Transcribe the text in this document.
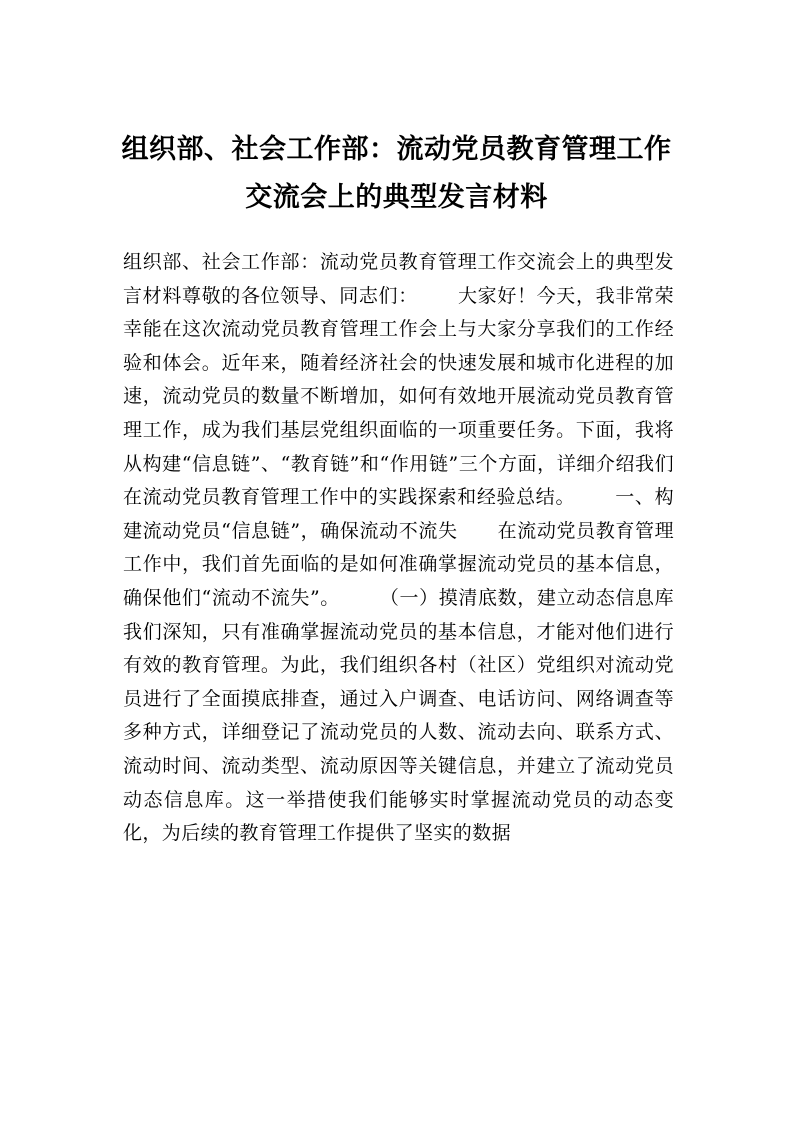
组织部、社会工作部：流动党员教育管理工作交流会上的典型发言材料

组织部、社会工作部：流动党员教育管理工作交流会上的典型发言材料尊敬的各位领导、同志们：      大家好！今天，我非常荣幸能在这次流动党员教育管理工作会上与大家分享我们的工作经验和体会。近年来，随着经济社会的快速发展和城市化进程的加速，流动党员的数量不断增加，如何有效地开展流动党员教育管理工作，成为我们基层党组织面临的一项重要任务。下面，我将从构建“信息链”、“教育链”和“作用链”三个方面，详细介绍我们在流动党员教育管理工作中的实践探索和经验总结。      一、构建流动党员“信息链”，确保流动不流失      在流动党员教育管理工作中，我们首先面临的是如何准确掌握流动党员的基本信息，确保他们“流动不流失”。      （一）摸清底数，建立动态信息库      我们深知，只有准确掌握流动党员的基本信息，才能对他们进行有效的教育管理。为此，我们组织各村（社区）党组织对流动党员进行了全面摸底排查，通过入户调查、电话访问、网络调查等多种方式，详细登记了流动党员的人数、流动去向、联系方式、流动时间、流动类型、流动原因等关键信息，并建立了流动党员动态信息库。这一举措使我们能够实时掌握流动党员的动态变化，为后续的教育管理工作提供了坚实的数据
